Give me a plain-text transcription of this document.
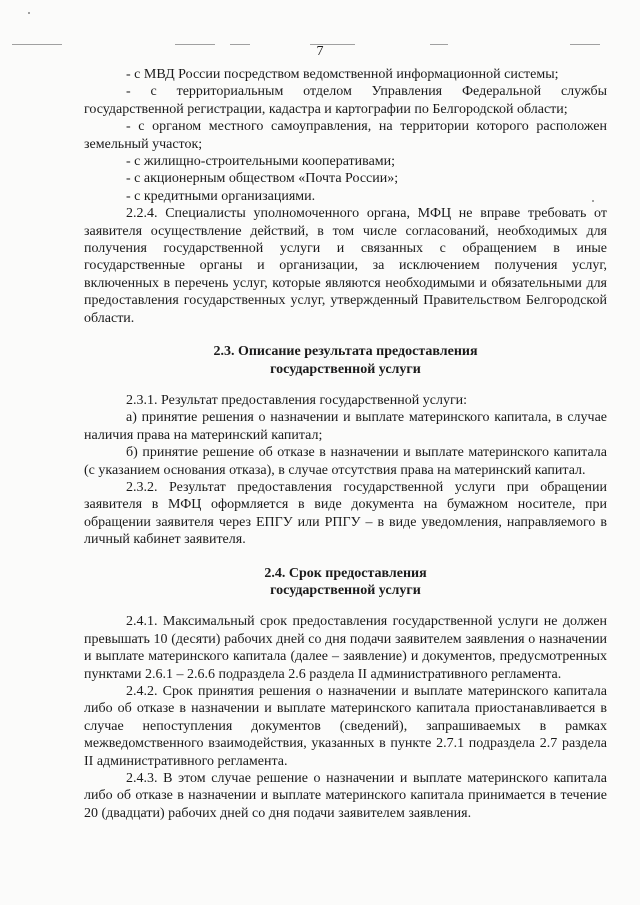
7

- с МВД России посредством ведомственной информационной системы;

- с территориальным отделом Управления Федеральной службы государственной регистрации, кадастра и картографии по Белгородской области;

- с органом местного самоуправления, на территории которого расположен земельный участок;

- с жилищно-строительными кооперативами;

- с акционерным обществом «Почта России»;

- с кредитными организациями.

2.2.4. Специалисты уполномоченного органа, МФЦ не вправе требовать от заявителя осуществление действий, в том числе согласований, необходимых для получения государственной услуги и связанных с обращением в иные государственные органы и организации, за исключением получения услуг, включенных в перечень услуг, которые являются необходимыми и обязательными для предоставления государственных услуг, утвержденный Правительством Белгородской области.

2.3. Описание результата предоставления
государственной услуги

2.3.1. Результат предоставления государственной услуги:

а) принятие решения о назначении и выплате материнского капитала, в случае наличия права на материнский капитал;

б) принятие решение об отказе в назначении и выплате материнского капитала (с указанием основания отказа), в случае отсутствия права на материнский капитал.

2.3.2. Результат предоставления государственной услуги при обращении заявителя в МФЦ оформляется в виде документа на бумажном носителе, при обращении заявителя через ЕПГУ или РПГУ – в виде уведомления, направляемого в личный кабинет заявителя.

2.4. Срок предоставления
государственной услуги

2.4.1. Максимальный срок предоставления государственной услуги не должен превышать 10 (десяти) рабочих дней со дня подачи заявителем заявления о назначении и выплате материнского капитала (далее – заявление) и документов, предусмотренных пунктами 2.6.1 – 2.6.6 подраздела 2.6 раздела II административного регламента.

2.4.2. Срок принятия решения о назначении и выплате материнского капитала либо об отказе в назначении и выплате материнского капитала приостанавливается в случае непоступления документов (сведений), запрашиваемых в рамках межведомственного взаимодействия, указанных в пункте 2.7.1 подраздела 2.7 раздела II административного регламента.

2.4.3. В этом случае решение о назначении и выплате материнского капитала либо об отказе в назначении и выплате материнского капитала принимается в течение 20 (двадцати) рабочих дней со дня подачи заявителем заявления.
